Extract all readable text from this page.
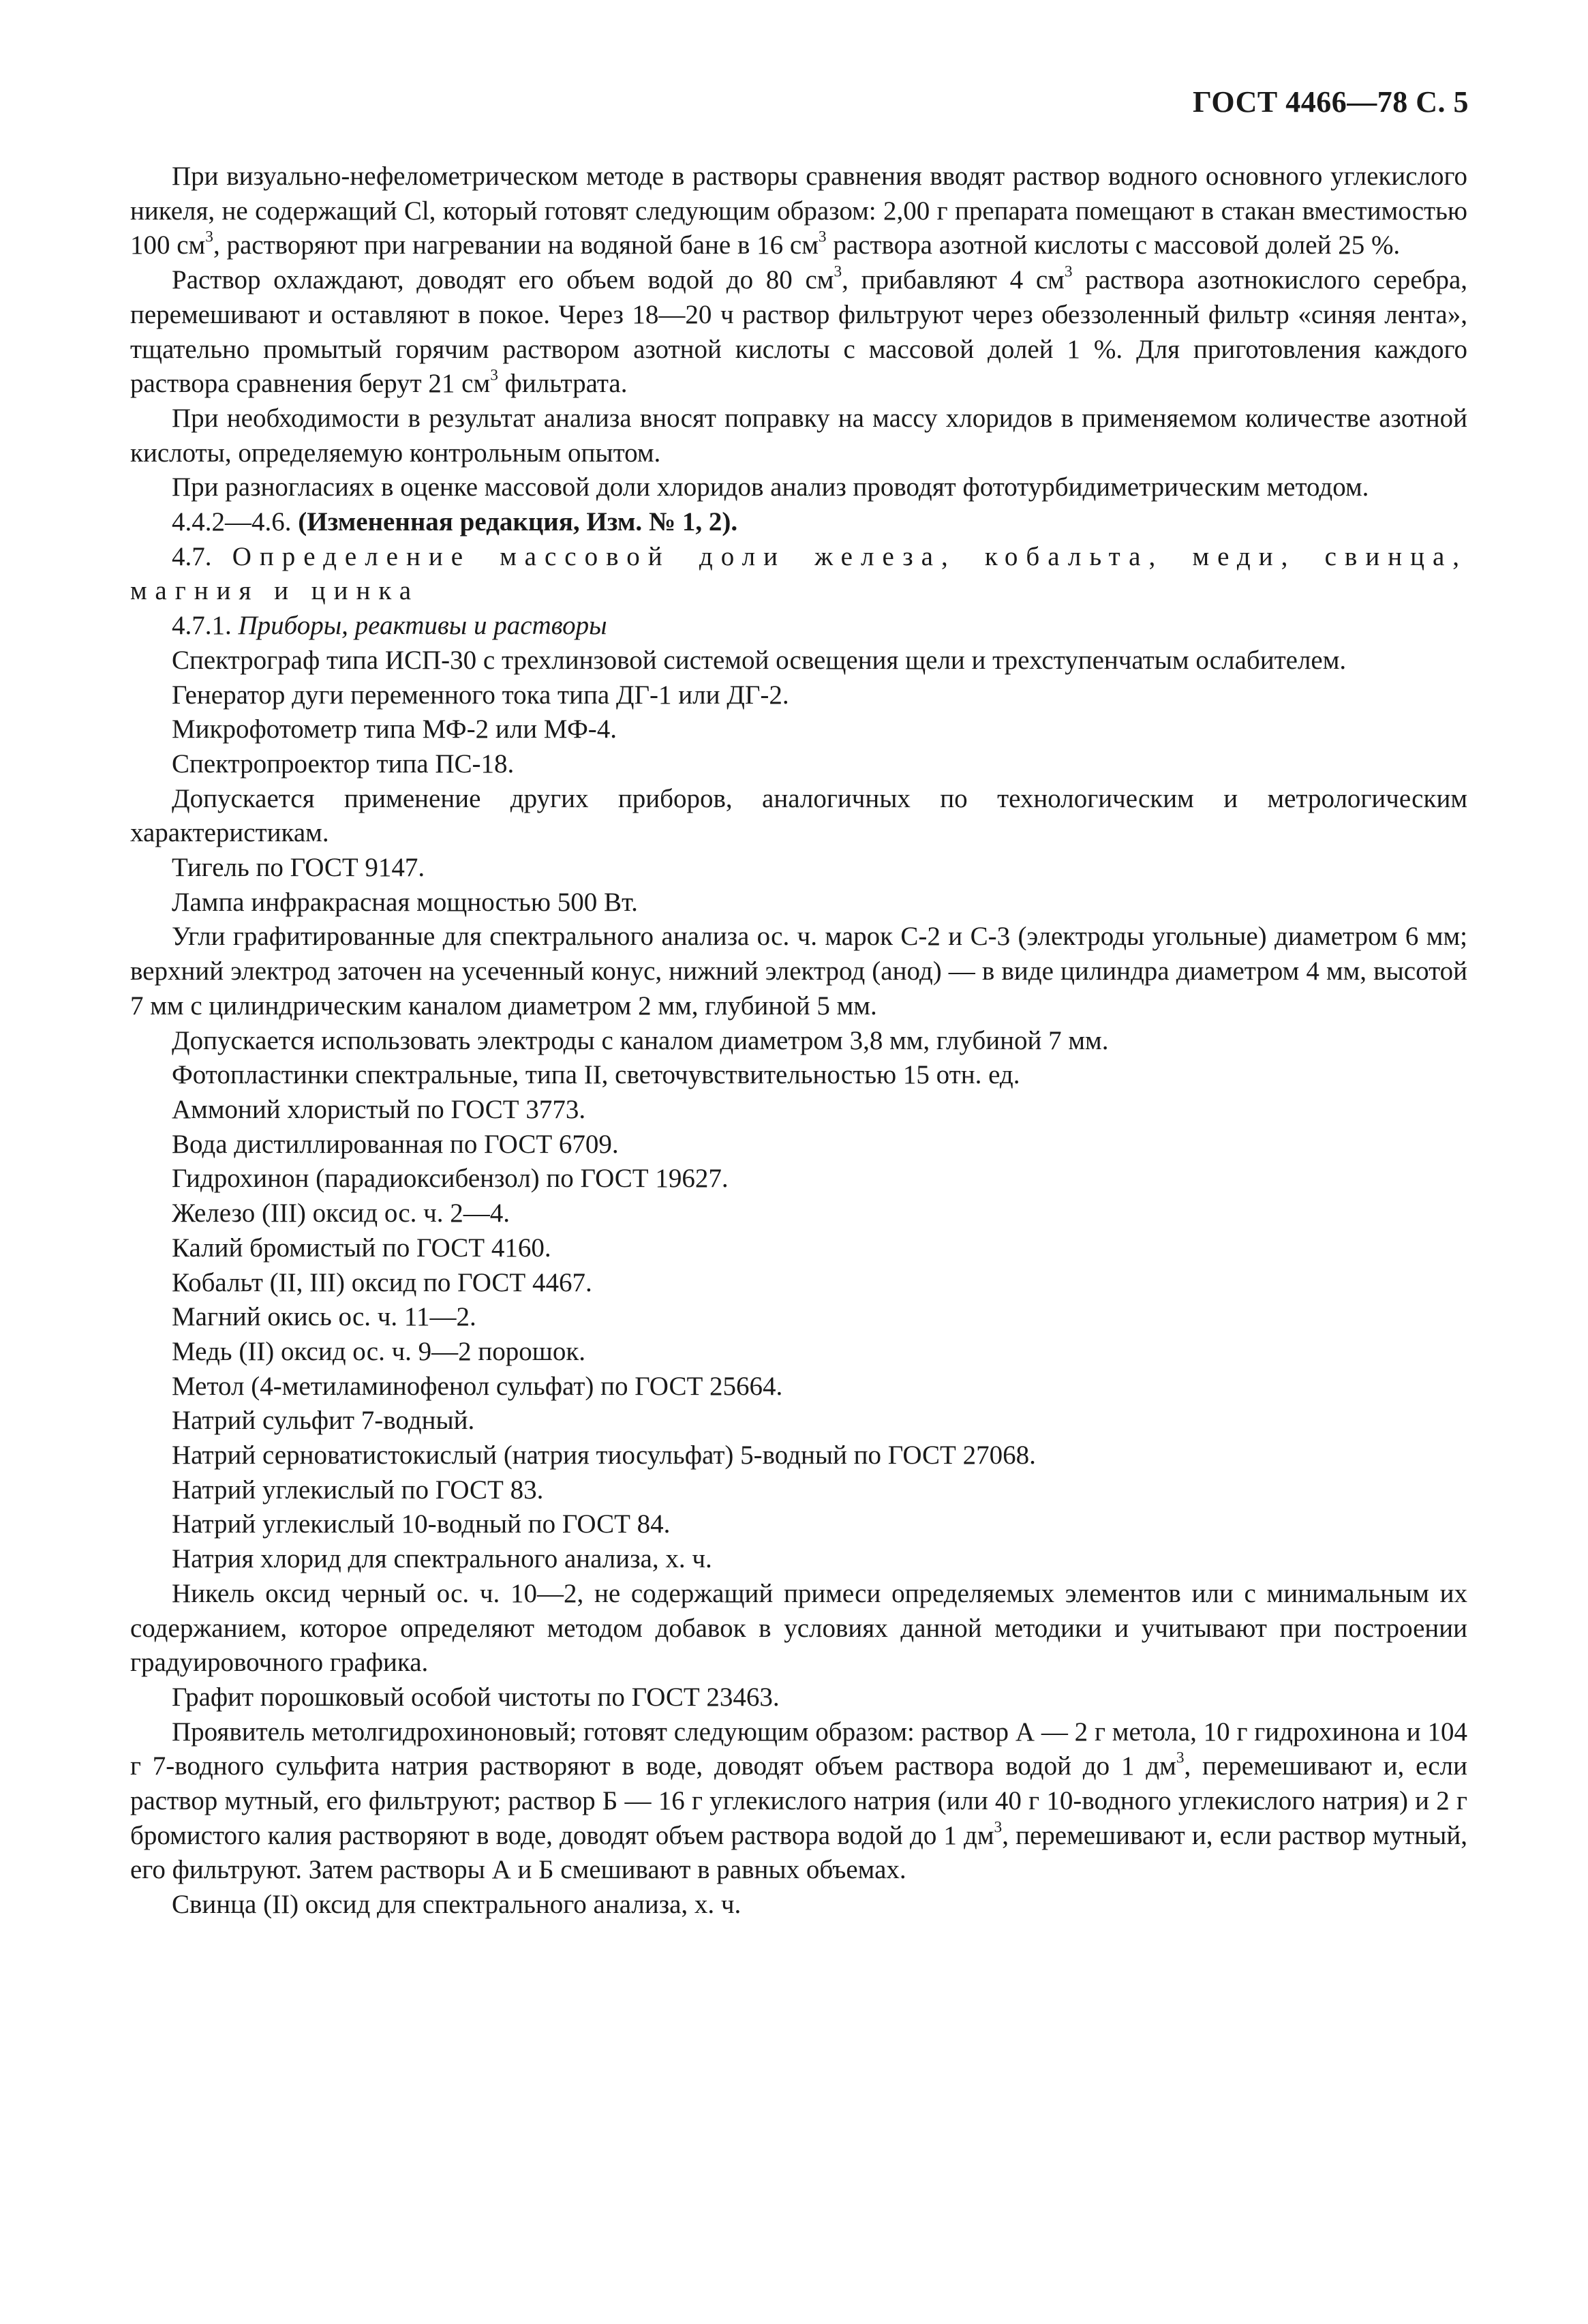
ГОСТ 4466—78 С. 5

При визуально-нефелометрическом методе в растворы сравнения вводят раствор водного основного углекислого никеля, не содержащий Cl, который готовят следующим образом: 2,00 г препарата помещают в стакан вместимостью 100 $см^3$, растворяют при нагревании на водяной бане в 16 $см^3$ раствора азотной кислоты с массовой долей 25 %.

Раствор охлаждают, доводят его объем водой до 80 $см^3$, прибавляют 4 $см^3$ раствора азотнокислого серебра, перемешивают и оставляют в покое. Через 18—20 ч раствор фильтруют через обеззоленный фильтр «синяя лента», тщательно промытый горячим раствором азотной кислоты с массовой долей 1 %. Для приготовления каждого раствора сравнения берут 21 $см^3$ фильтрата.

При необходимости в результат анализа вносят поправку на массу хлоридов в применяемом количестве азотной кислоты, определяемую контрольным опытом.

При разногласиях в оценке массовой доли хлоридов анализ проводят фототурбидиметрическим методом.

4.4.2—4.6. (Измененная редакция, Изм. № 1, 2).

4.7. Определение массовой доли железа, кобальта, меди, свинца, магния и цинка

4.7.1. Приборы, реактивы и растворы

Спектрограф типа ИСП-30 с трехлинзовой системой освещения щели и трехступенчатым ослабителем.

Генератор дуги переменного тока типа ДГ-1 или ДГ-2.

Микрофотометр типа МФ-2 или МФ-4.

Спектропроектор типа ПС-18.

Допускается применение других приборов, аналогичных по технологическим и метрологическим характеристикам.

Тигель по ГОСТ 9147.

Лампа инфракрасная мощностью 500 Вт.

Угли графитированные для спектрального анализа ос. ч. марок С-2 и С-3 (электроды угольные) диаметром 6 мм; верхний электрод заточен на усеченный конус, нижний электрод (анод) — в виде цилиндра диаметром 4 мм, высотой 7 мм с цилиндрическим каналом диаметром 2 мм, глубиной 5 мм.

Допускается использовать электроды с каналом диаметром 3,8 мм, глубиной 7 мм.

Фотопластинки спектральные, типа II, светочувствительностью 15 отн. ед.

Аммоний хлористый по ГОСТ 3773.

Вода дистиллированная по ГОСТ 6709.

Гидрохинон (парадиоксибензол) по ГОСТ 19627.

Железо (III) оксид ос. ч. 2—4.

Калий бромистый по ГОСТ 4160.

Кобальт (II, III) оксид по ГОСТ 4467.

Магний окись ос. ч. 11—2.

Медь (II) оксид ос. ч. 9—2 порошок.

Метол (4-метиламинофенол сульфат) по ГОСТ 25664.

Натрий сульфит 7-водный.

Натрий серноватистокислый (натрия тиосульфат) 5-водный по ГОСТ 27068.

Натрий углекислый по ГОСТ 83.

Натрий углекислый 10-водный по ГОСТ 84.

Натрия хлорид для спектрального анализа, х. ч.

Никель оксид черный ос. ч. 10—2, не содержащий примеси определяемых элементов или с минимальным их содержанием, которое определяют методом добавок в условиях данной методики и учитывают при построении градуировочного графика.

Графит порошковый особой чистоты по ГОСТ 23463.

Проявитель метолгидрохиноновый; готовят следующим образом: раствор А — 2 г метола, 10 г гидрохинона и 104 г 7-водного сульфита натрия растворяют в воде, доводят объем раствора водой до 1 $дм^3$, перемешивают и, если раствор мутный, его фильтруют; раствор Б — 16 г углекислого натрия (или 40 г 10-водного углекислого натрия) и 2 г бромистого калия растворяют в воде, доводят объем раствора водой до 1 $дм^3$, перемешивают и, если раствор мутный, его фильтруют. Затем растворы А и Б смешивают в равных объемах.

Свинца (II) оксид для спектрального анализа, х. ч.
